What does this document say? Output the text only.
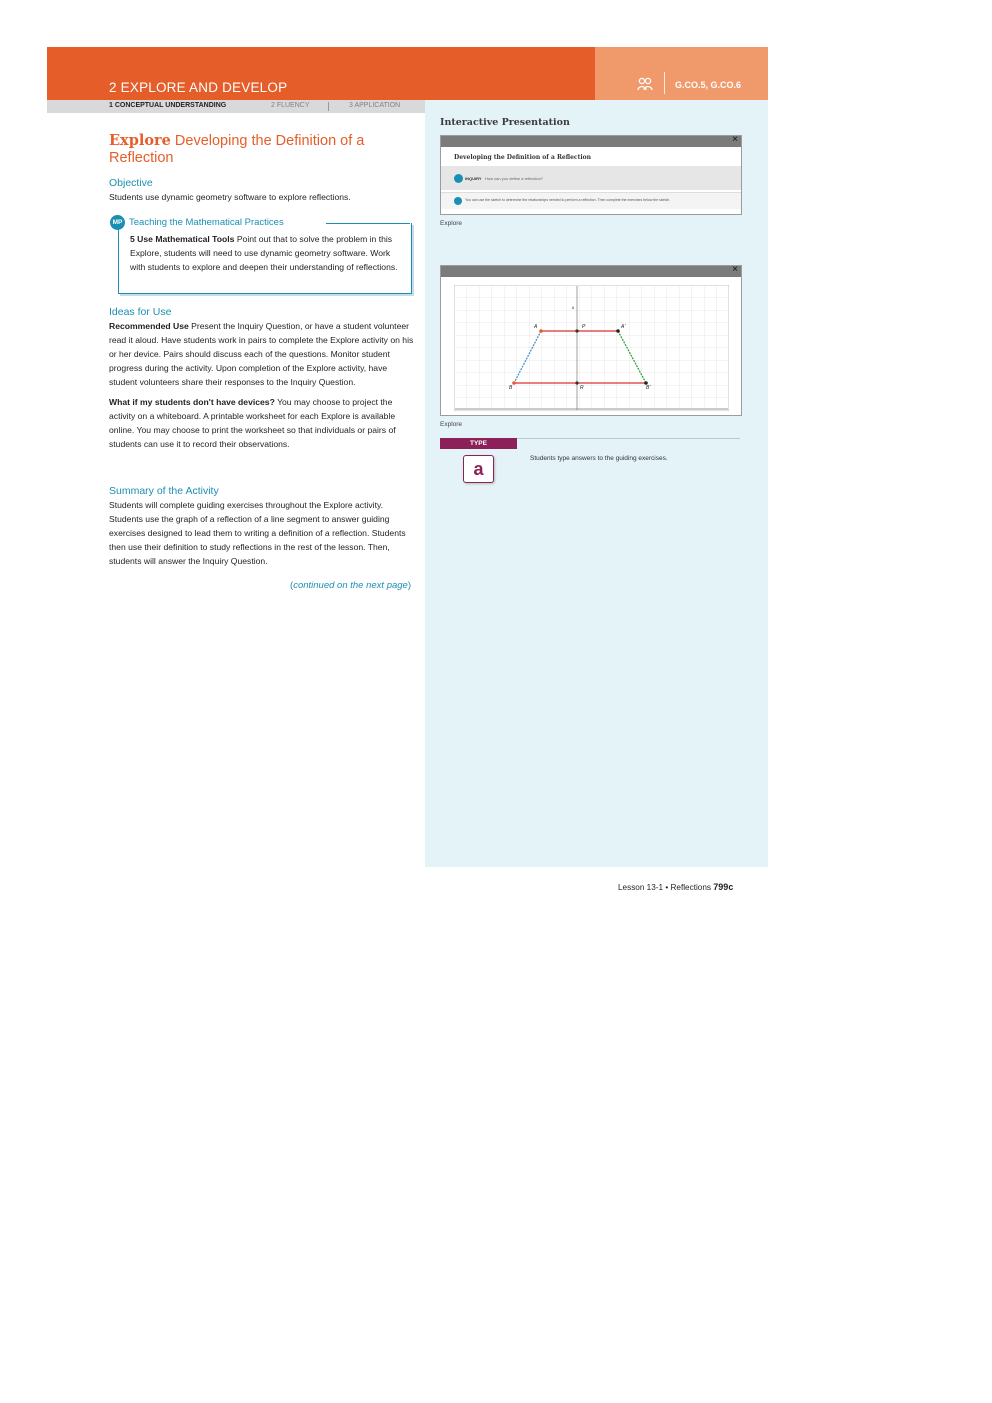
2 EXPLORE AND DEVELOP	G.CO.5, G.CO.6
1 CONCEPTUAL UNDERSTANDING	2 FLUENCY	3 APPLICATION
Explore Developing the Definition of a Reflection
Objective

Students use dynamic geometry software to explore reflections.

MP Teaching the Mathematical Practices

5 Use Mathematical Tools Point out that to solve the problem in this Explore, students will need to use dynamic geometry software. Work with students to explore and deepen their understanding of reflections.

Ideas for Use

Recommended Use Present the Inquiry Question, or have a student volunteer read it aloud. Have students work in pairs to complete the Explore activity on his or her device. Pairs should discuss each of the questions. Monitor student progress during the activity. Upon completion of the Explore activity, have student volunteers share their responses to the Inquiry Question.

What if my students don't have devices? You may choose to project the activity on a whiteboard. A printable worksheet for each Explore is available online. You may choose to print the worksheet so that individuals or pairs of students can use it to record their observations.

Summary of the Activity

Students will complete guiding exercises throughout the Explore activity. Students use the graph of a reflection of a line segment to answer guiding exercises designed to lead them to writing a definition of a reflection. Students then use their definition to study reflections in the rest of the lesson. Then, students will answer the Inquiry Question.

(continued on the next page)
Interactive Presentation
×
Developing the Definition of a Reflection
INQUIRY How can you define a reflection?
You can use the sketch to determine the relationships needed to perform a reflection. Then complete the exercises below the sketch.
Explore
×
6
A	P	A'
B	R	B'
Explore
TYPE
a
Students type answers to the guiding exercises.
Lesson 13-1 • Reflections 799c
